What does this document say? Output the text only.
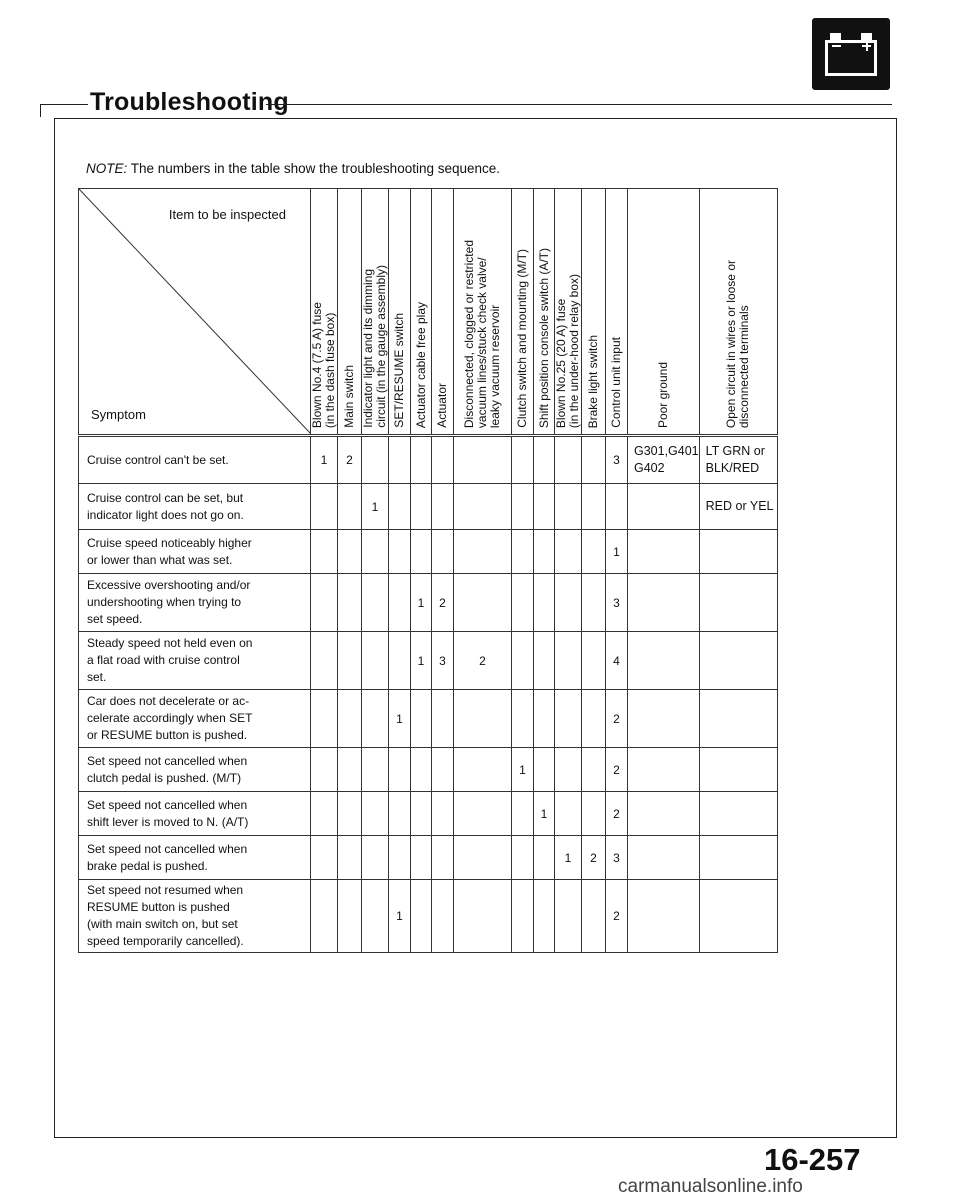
Troubleshooting
NOTE: The numbers in the table show the troubleshooting sequence.
Item to be inspected
Symptom	Blown No.4 (7.5 A) fuse (in the dash fuse box)	Main switch	Indicator light and its dimming circuit (in the gauge assembly)	SET/RESUME switch	Actuator cable free play	Actuator	Disconnected, clogged or restricted vacuum lines/stuck check valve/ leaky vacuum reservoir	Clutch switch and mounting (M/T)	Shift position console switch (A/T)	Blown No.25 (20 A) fuse (in the under-hood relay box)	Brake light switch	Control unit input	Poor ground	Open circuit in wires or loose or disconnected terminals

Cruise control can't be set.	1	2										3	G301,G401 G402	LT GRN or BLK/RED

Cruise control can be set, but
indicator light does not go on.			1											RED or YEL

Cruise speed noticeably higher
or lower than what was set.												1		

Excessive overshooting and/or
undershooting when trying to
set speed.					1	2						3		

Steady speed not held even on
a flat road with cruise control
set.					1	3	2					4		

Car does not decelerate or ac-
celerate accordingly when SET
or RESUME button is pushed.				1								2		

Set speed not cancelled when
clutch pedal is pushed. (M/T)								1				2		

Set speed not cancelled when
shift lever is moved to N. (A/T)									1			2		

Set speed not cancelled when
brake pedal is pushed.										1	2	3		

Set speed not resumed when
RESUME button is pushed
(with main switch on, but set
speed temporarily cancelled).				1								2		
16-257
carmanualsonline.info
